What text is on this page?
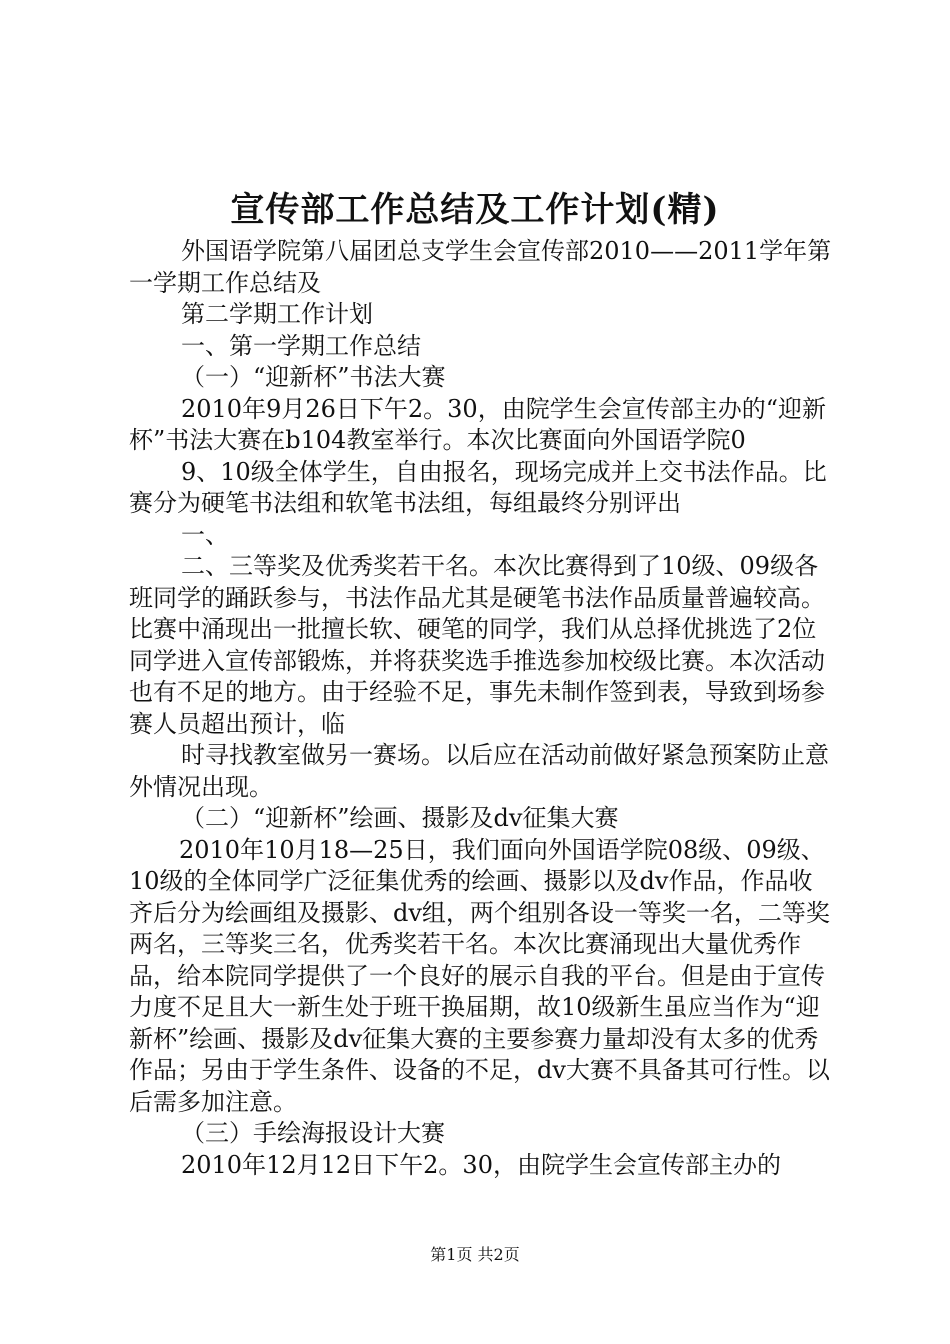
宣传部工作总结及工作计划(精)

外国语学院第八届团总支学生会宣传部2010——2011学年第一学期工作总结及

第二学期工作计划

一、第一学期工作总结

（一）“迎新杯”书法大赛

2010年9月26日下午2。30，由院学生会宣传部主办的“迎新杯”书法大赛在b104教室举行。本次比赛面向外国语学院0

9、10级全体学生，自由报名，现场完成并上交书法作品。比赛分为硬笔书法组和软笔书法组，每组最终分别评出

一、

二、三等奖及优秀奖若干名。本次比赛得到了10级、09级各班同学的踊跃参与，书法作品尤其是硬笔书法作品质量普遍较高。比赛中涌现出一批擅长软、硬笔的同学，我们从总择优挑选了2位同学进入宣传部锻炼，并将获奖选手推选参加校级比赛。本次活动也有不足的地方。由于经验不足，事先未制作签到表，导致到场参赛人员超出预计，临

时寻找教室做另一赛场。以后应在活动前做好紧急预案防止意外情况出现。

（二）“迎新杯”绘画、摄影及dv征集大赛

2010年10月18—25日，我们面向外国语学院08级、09级、10级的全体同学广泛征集优秀的绘画、摄影以及dv作品，作品收齐后分为绘画组及摄影、dv组，两个组别各设一等奖一名，二等奖两名，三等奖三名，优秀奖若干名。本次比赛涌现出大量优秀作品，给本院同学提供了一个良好的展示自我的平台。但是由于宣传力度不足且大一新生处于班干换届期，故10级新生虽应当作为“迎新杯”绘画、摄影及dv征集大赛的主要参赛力量却没有太多的优秀作品；另由于学生条件、设备的不足，dv大赛不具备其可行性。以后需多加注意。

（三）手绘海报设计大赛

2010年12月12日下午2。30，由院学生会宣传部主办的

第1页 共2页
